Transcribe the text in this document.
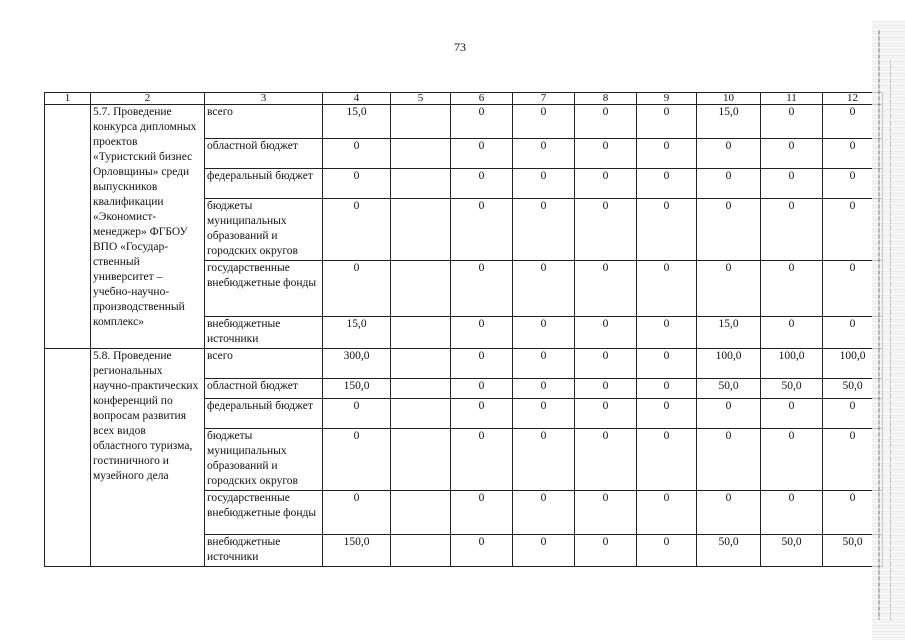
73
1	2	3	4	5	6	7	8	9	10	11	12
	5.7. Проведение конкурса дипломных проектов «Туристский бизнес Орловщины» среди выпускников квалификации «Экономист-менеджер» ФГБОУ ВПО «Государ-ственный университет – учебно-научно-производственный комплекс»	всего	15,0		0	0	0	0	15,0	0	0
		областной бюджет	0		0	0	0	0	0	0	0
		федеральный бюджет	0		0	0	0	0	0	0	0
		бюджеты муниципальных образований и городских округов	0		0	0	0	0	0	0	0
		государственные внебюджетные фонды	0		0	0	0	0	0	0	0
		внебюджетные источники	15,0		0	0	0	0	15,0	0	0
	5.8. Проведение региональных научно-практических конференций по вопросам развития всех видов областного туризма, гостиничного и музейного дела	всего	300,0		0	0	0	0	100,0	100,0	100,0
		областной бюджет	150,0		0	0	0	0	50,0	50,0	50,0
		федеральный бюджет	0		0	0	0	0	0	0	0
		бюджеты муниципальных образований и городских округов	0		0	0	0	0	0	0	0
		государственные внебюджетные фонды	0		0	0	0	0	0	0	0
		внебюджетные источники	150,0		0	0	0	0	50,0	50,0	50,0
